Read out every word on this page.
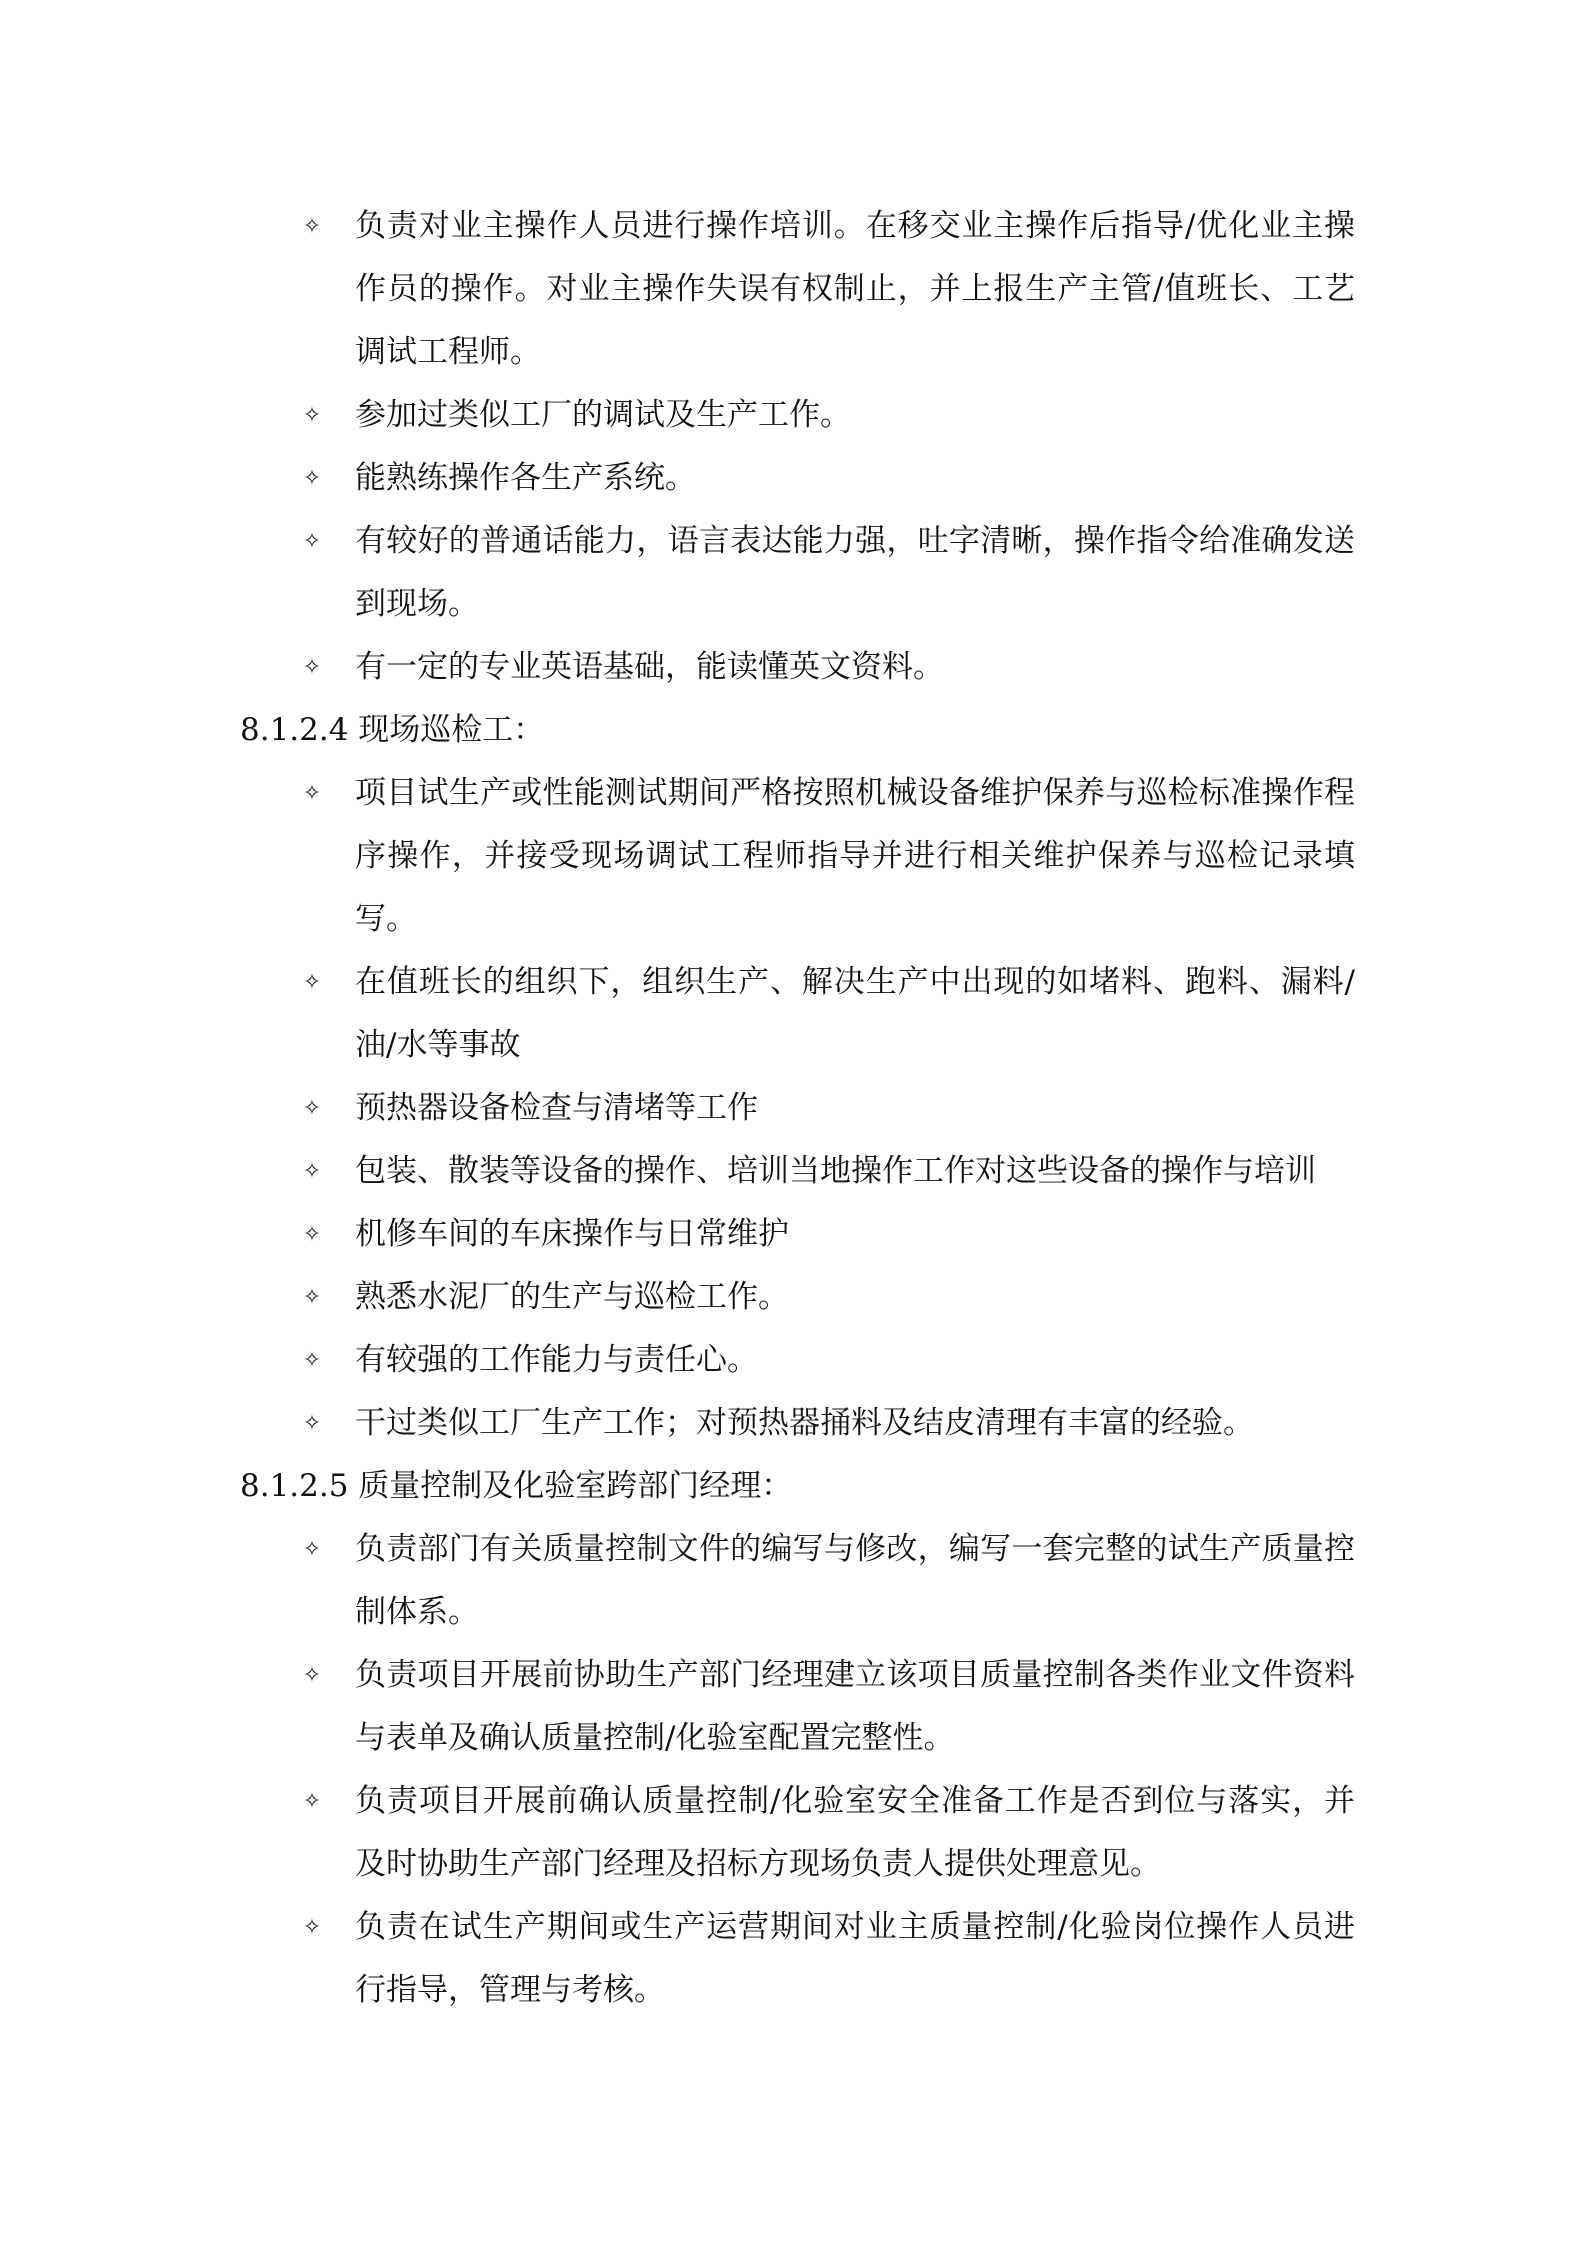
✧ 负责对业主操作人员进行操作培训。在移交业主操作后指导/优化业主操作员的操作。对业主操作失误有权制止，并上报生产主管/值班长、工艺调试工程师。
✧ 参加过类似工厂的调试及生产工作。
✧ 能熟练操作各生产系统。
✧ 有较好的普通话能力，语言表达能力强，吐字清晰，操作指令给准确发送到现场。
✧ 有一定的专业英语基础，能读懂英文资料。
8.1.2.4 现场巡检工：
✧ 项目试生产或性能测试期间严格按照机械设备维护保养与巡检标准操作程序操作，并接受现场调试工程师指导并进行相关维护保养与巡检记录填写。
✧ 在值班长的组织下，组织生产、解决生产中出现的如堵料、跑料、漏料/油/水等事故
✧ 预热器设备检查与清堵等工作
✧ 包装、散装等设备的操作、培训当地操作工作对这些设备的操作与培训
✧ 机修车间的车床操作与日常维护
✧ 熟悉水泥厂的生产与巡检工作。
✧ 有较强的工作能力与责任心。
✧ 干过类似工厂生产工作；对预热器捅料及结皮清理有丰富的经验。
8.1.2.5 质量控制及化验室跨部门经理：
✧ 负责部门有关质量控制文件的编写与修改，编写一套完整的试生产质量控制体系。
✧ 负责项目开展前协助生产部门经理建立该项目质量控制各类作业文件资料与表单及确认质量控制/化验室配置完整性。
✧ 负责项目开展前确认质量控制/化验室安全准备工作是否到位与落实，并及时协助生产部门经理及招标方现场负责人提供处理意见。
✧ 负责在试生产期间或生产运营期间对业主质量控制/化验岗位操作人员进行指导，管理与考核。
